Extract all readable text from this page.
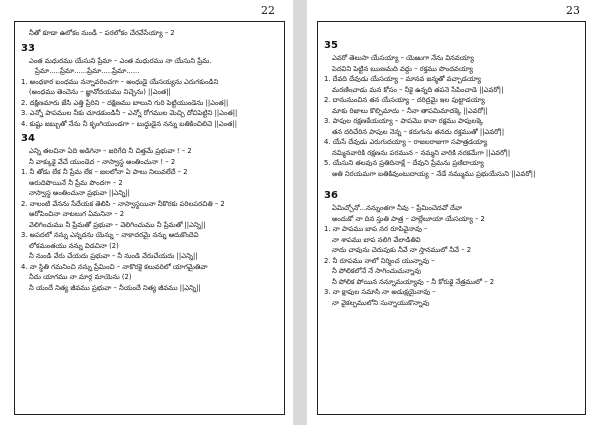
22
నీతో కూడా ఉలోకం నుండీ – పరలోకం చేరవేసేయ్యా – 2
33
ఎంత మధురము యేసుని ప్రేమా – ఎంత మధురము నా యేసుని ప్రేమ.
ప్రేమా.....ప్రేమా......ప్రేమా.....ప్రేమా......
1. అంధకార బంధము నన్నావరించగా – అంధుడై యేసయ్యను ఎరుగకుండిని
(అంధము తెంచెను – జ్ఞానోదయము నిచ్చెను) ||ఎంత||
2. దక్షిణమారు జేసి ఎత్తి ప్రేరిని – దక్షిణము బాలుని గురి పెట్టియుండెను ||ఎంత||
3. ఎన్నో పాపముల నీకు చూడకుండినీ – ఎన్నో రోగముల మెచ్చి దోచిపెట్టిని ||ఎంత||
4. కుష్టు జబ్బుతో నేను నీ కృంగియుండగా – బుద్ధుడైన నన్ను బతికించిలిచె ||ఎంత||
34
ఎన్ని తలచినా ఏది అడిగినా – జరిగేది నీ చిత్తమే ప్రభువా ! – 2
నీ వాక్కుకై వేచే యుండెద – నాస్వాస్థ అంతించునా ! – 2
1. నీ తోడు లేక నీ ప్రేమ లేక – జలలోనా ఏ పాలు నిలువలేదే – 2
అరుదిపొయినే నీ ప్రేమ పొందగా – 2
నాస్వాస్థ అంతించునా ప్రభువా ||ఎన్ని||
2. నాలంటి వేనను సేదేయక తెలిసి – నాస్వాస్థయినా నీకొరకు పరిలపరచితి – 2
అరోపించినా నాటలుగ ఏమనినా – 2
వెలిగించుము నీ ప్రేమతో ప్రభువా – వెలిగించుము నీ ప్రేమతో ||ఎన్ని||
3. అపదలో నన్ను ఎన్నదను యెన్ను – నాకాదరమై నన్ను ఆదుకొందెవి
లోకమంతయు నన్ను విడచినా (2)
నీ నుండి వేరు చేయదు ప్రభువా – నీ నుండి వేరుచేయదు ||ఎన్ని||
4. నా స్థితి గమనించి నన్ను ప్రేమించి – నాకొరకై కలువరిలో యాగమైతివా
నీదు యాగము నా మార్గ మాయెను (2)
నీ యందే నిత్య జీవము ప్రభువా – నీయందే నిత్య జీవము ||ఎన్ని||
23
35
ఎవరో తెలుసా యేసయ్యా – యెఱుగా నేను వినవయ్యా
పెదవిని పెట్టిన ఋణమది వద్దు – రక్తము పొందవయ్యా
1. దేవది దేవుడు యేసయ్యా – మానవ జన్మతో వచ్చాడయ్యా
మరణించాడు మన కోసం – నీకై ఉన్నది తపనె సేపించాడె ||ఎవరో||
2. దానునుంచిన తన యేసయ్యా – దరిద్రమై ఇల పుట్టాడయ్యా
మాకు రిజాలు కొల్పిమాదు – నీనా తాపమిమాదక్కె ||ఎవరో||
3. పాపుల రక్షణకేయయ్యా – పాపమొ కానా రక్షము పాపులక్కె
తన దరిచేరిన పాపుల నెన్న – కరుగును తనదు రక్తముతో ||ఎవరో||
4. యేసే దేవుడు ఎరుగుదయ్యా – రాజలరాజుగా సపాత్రడయ్యా
నమ్మినవారికి రక్షణను పరమున – నమ్మని వారికి నరకమేగా ||ఎవరో||
5. యేసుని తలవున ప్రతిదినాక్షే – దేవుని ప్రేమను ప్రణిదాయ్యా
అతి నిరయమగా బతికివుంటుదాయ్య – నేడే నమ్ముము ప్రభుయేసుని ||ఎవరో||
36
ఏమిచ్చోనో...నన్నుంతగా నీవు – ప్రేమించెదవో దేవా
అందుకో నా దిన స్తుతి పాత్ర – హల్లేలూయా యేసయ్యా – 2
1. నా పాపము బాప నర రూపివైనావు –
నా శాపము బాప నలిగి వేలాడితివి
నాదు చావును చెరుపుకు నీవే నా స్తానములో నీవే – 2
2. నీ రూపము నాలో నిర్మించ యున్నావు –
నీ పోలికలోనే నే సాగించుచున్నావు
నీ పోలిక పోయిన నన్నూమయ్యావు – నీ కోరుకై నేత్రములో – 2
3. నా క్షాపుల సమాసి నా అడుక్షయైనావు –
నా వైకల్పములోని సున్నాయుకొన్నావు
